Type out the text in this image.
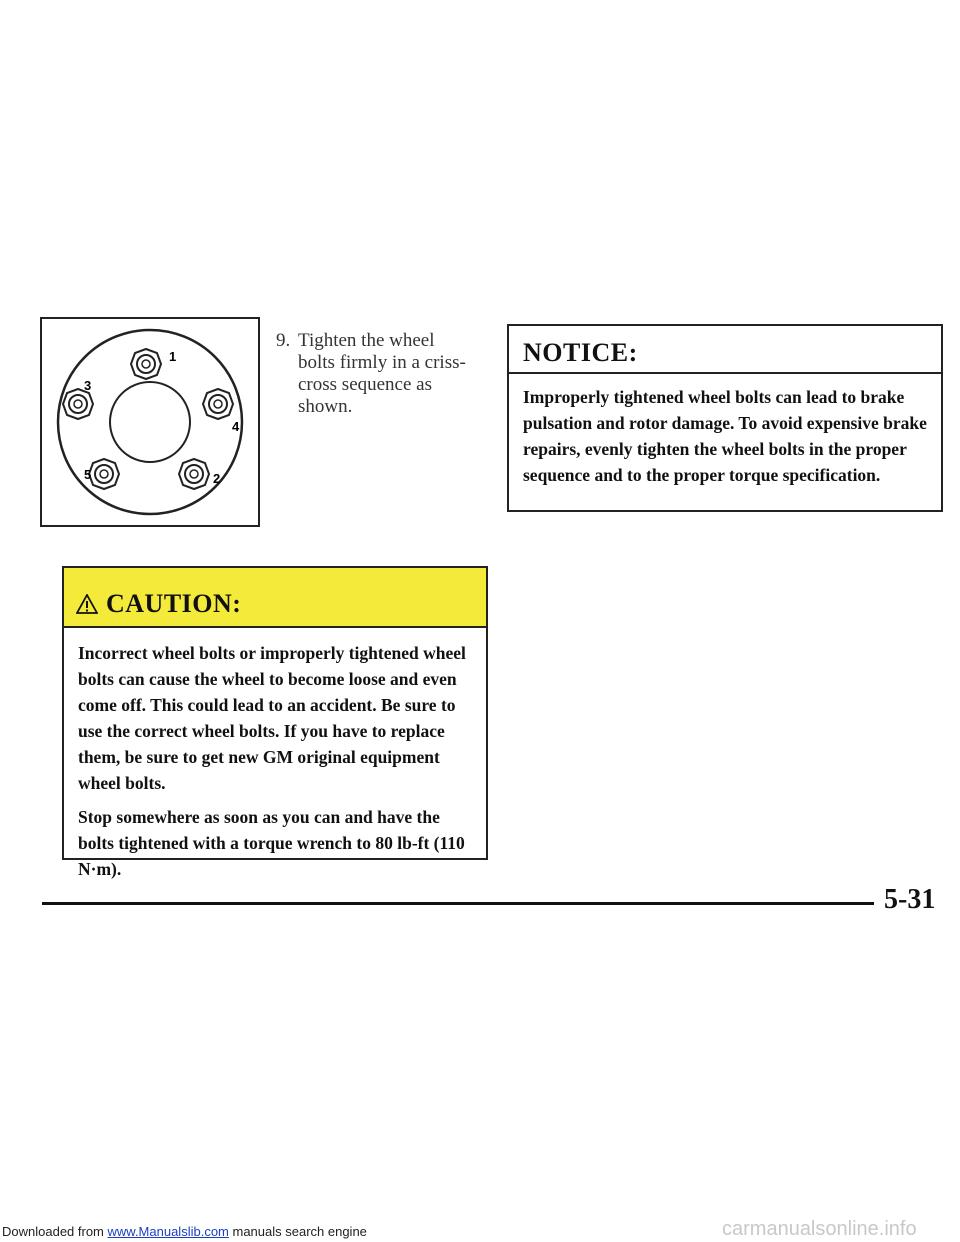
1
2
3
4
5
9. Tighten the wheel bolts firmly in a criss-cross sequence as shown.
NOTICE:
Improperly tightened wheel bolts can lead to brake pulsation and rotor damage. To avoid expensive brake repairs, evenly tighten the wheel bolts in the proper sequence and to the proper torque specification.
CAUTION:

Incorrect wheel bolts or improperly tightened wheel bolts can cause the wheel to become loose and even come off. This could lead to an accident. Be sure to use the correct wheel bolts. If you have to replace them, be sure to get new GM original equipment wheel bolts.

Stop somewhere as soon as you can and have the bolts tightened with a torque wrench to 80 lb-ft (110 N·m).

5-31
Downloaded from www.Manualslib.com manuals search engine	carmanualsonline.info
